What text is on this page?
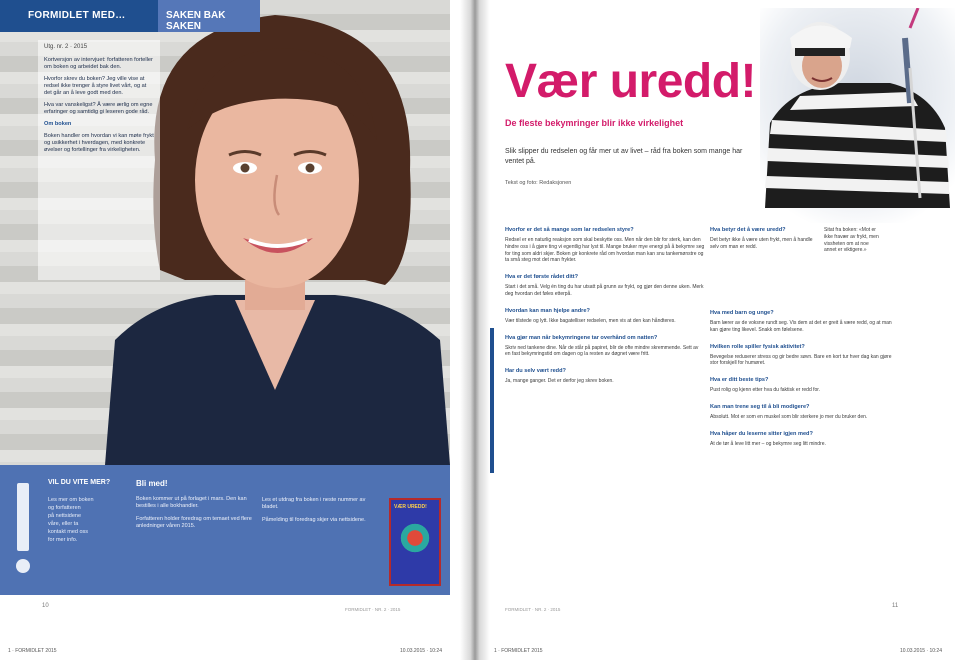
FORMIDLET MED…	SAKEN BAK SAKEN

Utg. nr. 2 · 2015

Kortversjon av intervjuet: forfatteren forteller om boken og arbeidet bak den.

Hvorfor skrev du boken? Jeg ville vise at redsel ikke trenger å styre livet vårt, og at det går an å leve godt med den.

Hva var vanskeligst? Å være ærlig om egne erfaringer og samtidig gi leseren gode råd.

Om boken

Boken handler om hvordan vi kan møte frykt og usikkerhet i hverdagen, med konkrete øvelser og fortellinger fra virkeligheten.

VIL DU VITE MER?

Les mer om boken

og forfatteren

på nettsidene

våre, eller ta

kontakt med oss

for mer info.

Bli med!

Boken kommer ut på forlaget i mars. Den kan bestilles i alle bokhandler.

Forfatteren holder foredrag om temaet ved flere anledninger våren 2015.

Les et utdrag fra boken i neste nummer av bladet.

Påmelding til foredrag skjer via nettsidene.

VÆR UREDD!
10
FORMIDLET · NR. 2 · 2015
1 · FORMIDLET 2015	10.03.2015 · 10:24
Vær uredd!
De fleste bekymringer blir ikke virkelighet

Slik slipper du redselen og får mer ut av livet – råd fra boken som mange har ventet på.

Tekst og foto: Redaksjonen
Hvorfor er det så mange som lar redselen styre?
Redsel er en naturlig reaksjon som skal beskytte oss. Men når den blir for sterk, kan den hindre oss i å gjøre ting vi egentlig har lyst til. Mange bruker mye energi på å bekymre seg for ting som aldri skjer. Boken gir konkrete råd om hvordan man kan snu tankemønstre og ta små steg mot det man frykter.
Hva er det første rådet ditt?
Start i det små. Velg én ting du har utsatt på grunn av frykt, og gjør den denne uken. Merk deg hvordan det føles etterpå.
Hvordan kan man hjelpe andre?
Vær tilstede og lytt. Ikke bagatelliser redselen, men vis at den kan håndteres.
Hva gjør man når bekymringene tar overhånd om natten?
Skriv ned tankene dine. Når de står på papiret, blir de ofte mindre skremmende. Sett av en fast bekymringstid om dagen og la resten av døgnet være fritt.
Har du selv vært redd?
Ja, mange ganger. Det er derfor jeg skrev boken.
Hva betyr det å være uredd?
Det betyr ikke å være uten frykt, men å handle selv om man er redd.
Sitat fra boken: «Mot er ikke fravær av frykt, men vissheten om at noe annet er viktigere.»
Hva med barn og unge?
Barn lærer av de voksne rundt seg. Vis dem at det er greit å være redd, og at man kan gjøre ting likevel. Snakk om følelsene.
Hvilken rolle spiller fysisk aktivitet?
Bevegelse reduserer stress og gir bedre søvn. Bare en kort tur hver dag kan gjøre stor forskjell for humøret.
Hva er ditt beste tips?
Pust rolig og kjenn etter hva du faktisk er redd for.
Kan man trene seg til å bli modigere?
Absolutt. Mot er som en muskel som blir sterkere jo mer du bruker den.
Hva håper du leserne sitter igjen med?
At de tør å leve litt mer – og bekymre seg litt mindre.
FORMIDLET · NR. 2 · 2015
11
1 · FORMIDLET 2015	10.03.2015 · 10:24
